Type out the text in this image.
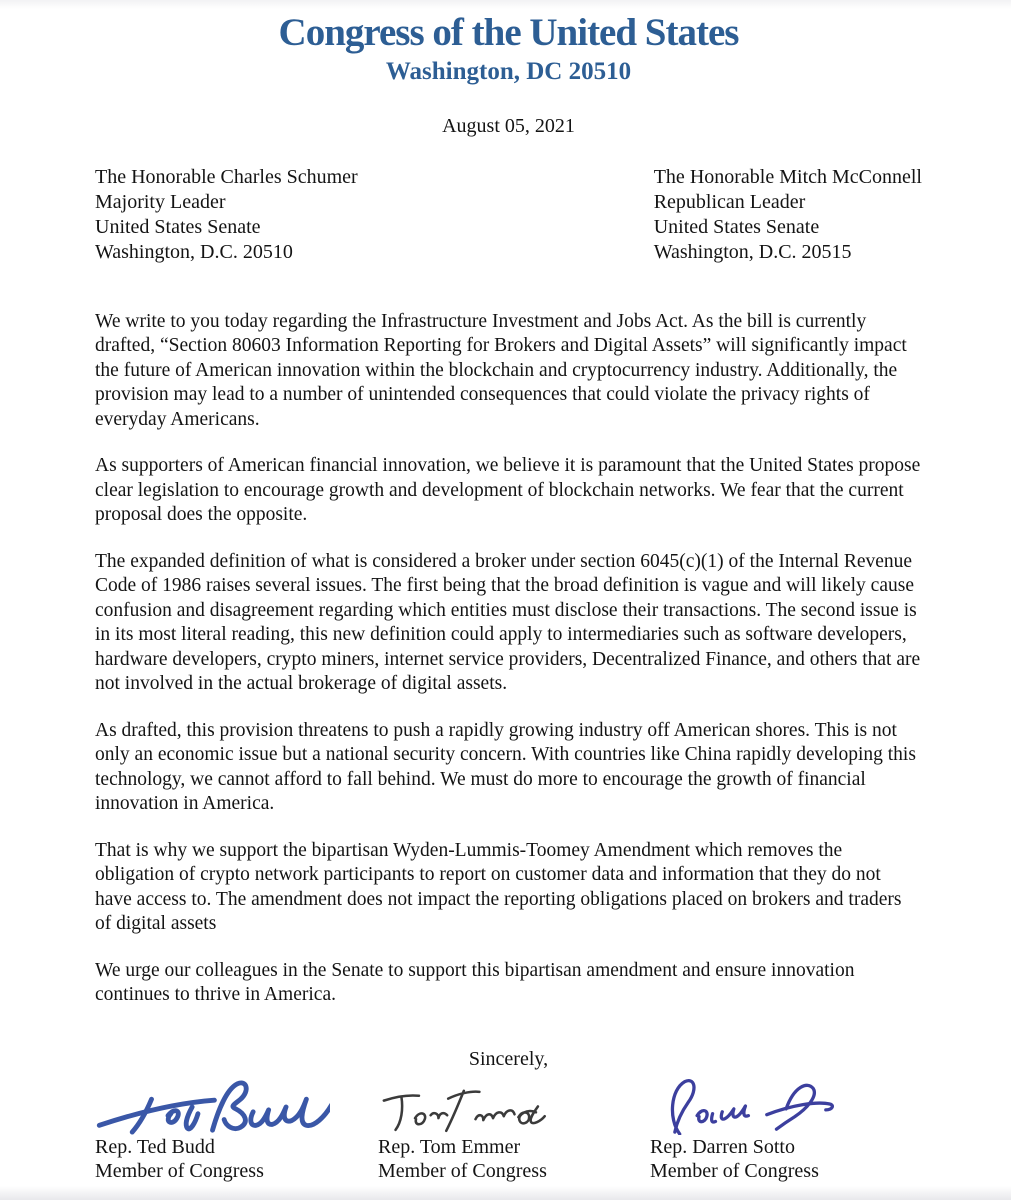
Congress of the United States
Washington, DC 20510
August 05, 2021
The Honorable Charles Schumer
Majority Leader
United States Senate
Washington, D.C. 20510
The Honorable Mitch McConnell
Republican Leader
United States Senate
Washington, D.C. 20515

We write to you today regarding the Infrastructure Investment and Jobs Act. As the bill is currently drafted, “Section 80603 Information Reporting for Brokers and Digital Assets” will significantly impact the future of American innovation within the blockchain and cryptocurrency industry. Additionally, the provision may lead to a number of unintended consequences that could violate the privacy rights of everyday Americans.

As supporters of American financial innovation, we believe it is paramount that the United States propose clear legislation to encourage growth and development of blockchain networks. We fear that the current proposal does the opposite.

The expanded definition of what is considered a broker under section 6045(c)(1) of the Internal Revenue Code of 1986 raises several issues. The first being that the broad definition is vague and will likely cause confusion and disagreement regarding which entities must disclose their transactions. The second issue is in its most literal reading, this new definition could apply to intermediaries such as software developers, hardware developers, crypto miners, internet service providers, Decentralized Finance, and others that are not involved in the actual brokerage of digital assets.

As drafted, this provision threatens to push a rapidly growing industry off American shores. This is not only an economic issue but a national security concern. With countries like China rapidly developing this technology, we cannot afford to fall behind. We must do more to encourage the growth of financial innovation in America.

That is why we support the bipartisan Wyden-Lummis-Toomey Amendment which removes the obligation of crypto network participants to report on customer data and information that they do not have access to. The amendment does not impact the reporting obligations placed on brokers and traders of digital assets

We urge our colleagues in the Senate to support this bipartisan amendment and ensure innovation continues to thrive in America.

Sincerely,
Rep. Ted Budd
Member of Congress
Rep. Tom Emmer
Member of Congress
Rep. Darren Sotto
Member of Congress
